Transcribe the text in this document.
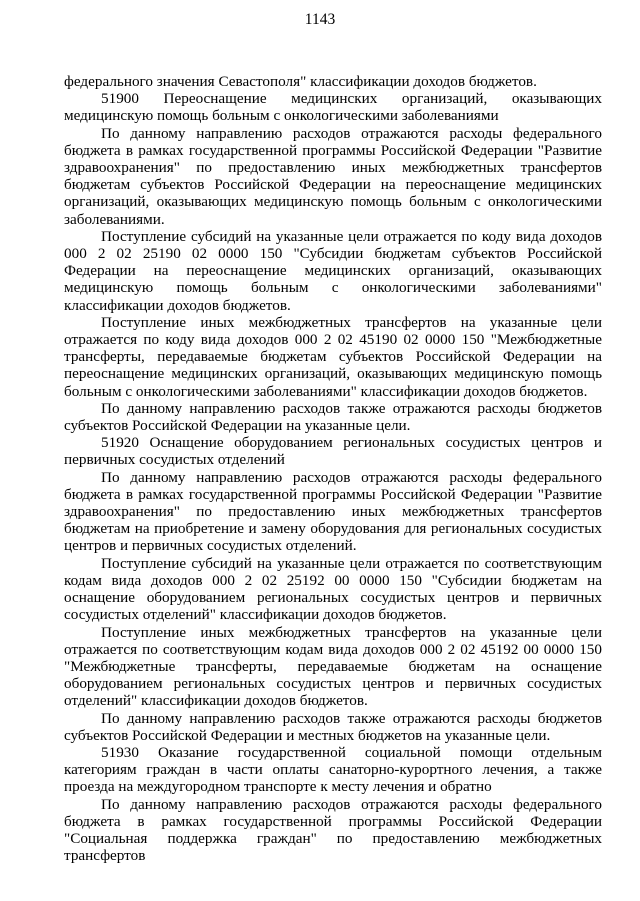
1143

федерального значения Севастополя" классификации доходов бюджетов.

51900 Переоснащение медицинских организаций, оказывающих медицинскую помощь больным с онкологическими заболеваниями

По данному направлению расходов отражаются расходы федерального бюджета в рамках государственной программы Российской Федерации "Развитие здравоохранения" по предоставлению иных межбюджетных трансфертов бюджетам субъектов Российской Федерации на переоснащение медицинских организаций, оказывающих медицинскую помощь больным с онкологическими заболеваниями.

Поступление субсидий на указанные цели отражается по коду вида доходов 000 2 02 25190 02 0000 150 "Субсидии бюджетам субъектов Российской Федерации на переоснащение медицинских организаций, оказывающих медицинскую помощь больным с онкологическими заболеваниями" классификации доходов бюджетов.

Поступление иных межбюджетных трансфертов на указанные цели отражается по коду вида доходов 000 2 02 45190 02 0000 150 "Межбюджетные трансферты, передаваемые бюджетам субъектов Российской Федерации на переоснащение медицинских организаций, оказывающих медицинскую помощь больным с онкологическими заболеваниями" классификации доходов бюджетов.

По данному направлению расходов также отражаются расходы бюджетов субъектов Российской Федерации на указанные цели.

51920 Оснащение оборудованием региональных сосудистых центров и первичных сосудистых отделений

По данному направлению расходов отражаются расходы федерального бюджета в рамках государственной программы Российской Федерации "Развитие здравоохранения" по предоставлению иных межбюджетных трансфертов бюджетам на приобретение и замену оборудования для региональных сосудистых центров и первичных сосудистых отделений.

Поступление субсидий на указанные цели отражается по соответствующим кодам вида доходов 000 2 02 25192 00 0000 150 "Субсидии бюджетам на оснащение оборудованием региональных сосудистых центров и первичных сосудистых отделений" классификации доходов бюджетов.

Поступление иных межбюджетных трансфертов на указанные цели отражается по соответствующим кодам вида доходов 000 2 02 45192 00 0000 150 "Межбюджетные трансферты, передаваемые бюджетам на оснащение оборудованием региональных сосудистых центров и первичных сосудистых отделений" классификации доходов бюджетов.

По данному направлению расходов также отражаются расходы бюджетов субъектов Российской Федерации и местных бюджетов на указанные цели.

51930 Оказание государственной социальной помощи отдельным категориям граждан в части оплаты санаторно-курортного лечения, а также проезда на междугородном транспорте к месту лечения и обратно

По данному направлению расходов отражаются расходы федерального бюджета в рамках государственной программы Российской Федерации "Социальная поддержка граждан" по предоставлению межбюджетных трансфертов
